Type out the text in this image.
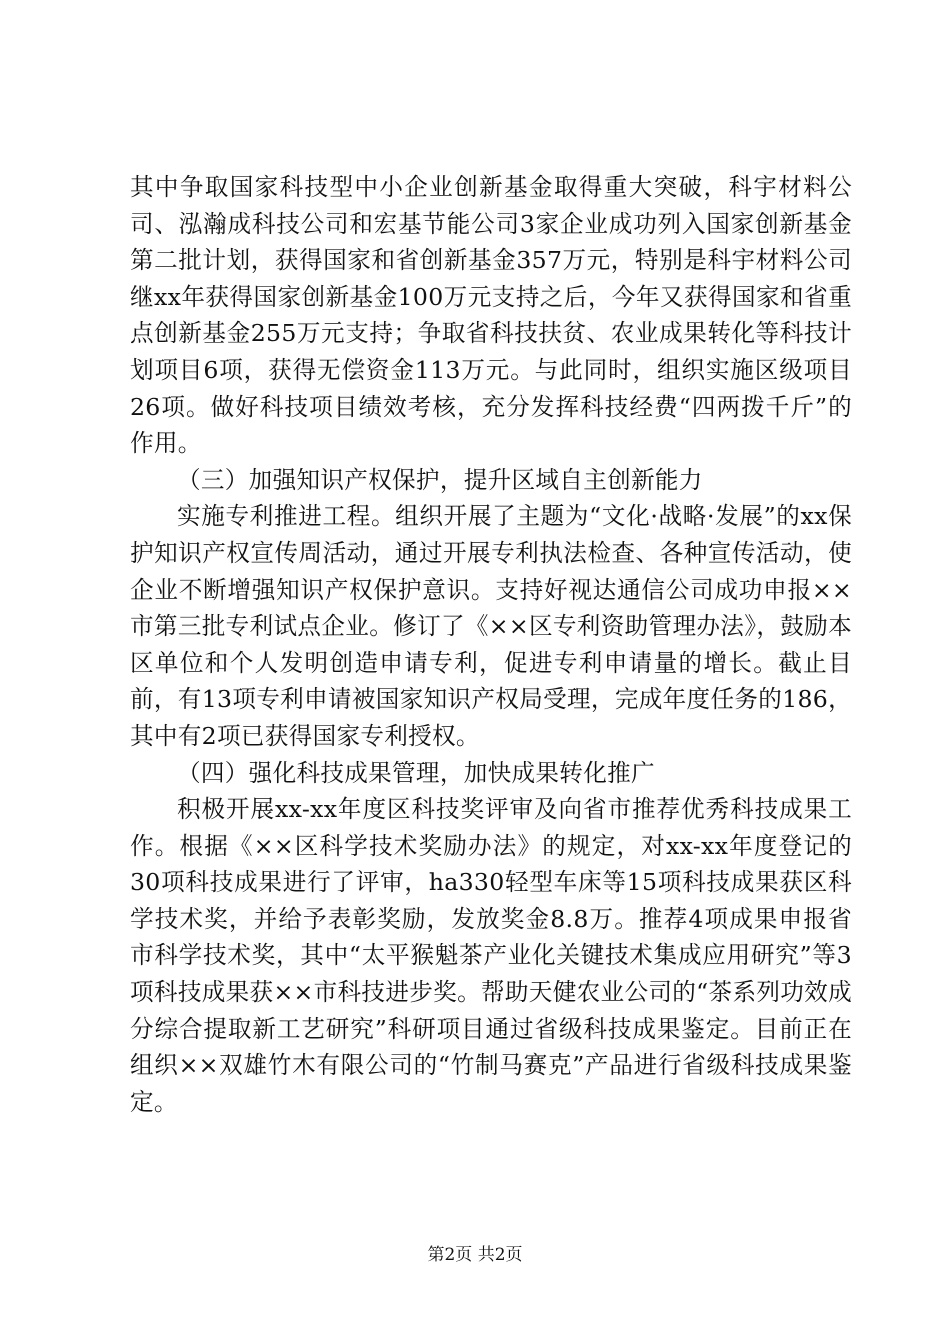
其中争取国家科技型中小企业创新基金取得重大突破，科宇材料公司、泓瀚成科技公司和宏基节能公司3家企业成功列入国家创新基金第二批计划，获得国家和省创新基金357万元，特别是科宇材料公司继xx年获得国家创新基金100万元支持之后，今年又获得国家和省重点创新基金255万元支持；争取省科技扶贫、农业成果转化等科技计划项目6项，获得无偿资金113万元。与此同时，组织实施区级项目26项。做好科技项目绩效考核，充分发挥科技经费“四两拨千斤”的作用。

（三）加强知识产权保护，提升区域自主创新能力

实施专利推进工程。组织开展了主题为“文化·战略·发展”的xx保护知识产权宣传周活动，通过开展专利执法检查、各种宣传活动，使企业不断增强知识产权保护意识。支持好视达通信公司成功申报××市第三批专利试点企业。修订了《××区专利资助管理办法》，鼓励本区单位和个人发明创造申请专利，促进专利申请量的增长。截止目前，有13项专利申请被国家知识产权局受理，完成年度任务的186，其中有2项已获得国家专利授权。

（四）强化科技成果管理，加快成果转化推广

积极开展xx-xx年度区科技奖评审及向省市推荐优秀科技成果工作。根据《××区科学技术奖励办法》的规定，对xx-xx年度登记的30项科技成果进行了评审，ha330轻型车床等15项科技成果获区科学技术奖，并给予表彰奖励，发放奖金8.8万。推荐4项成果申报省市科学技术奖，其中“太平猴魁茶产业化关键技术集成应用研究”等3项科技成果获××市科技进步奖。帮助天健农业公司的“茶系列功效成分综合提取新工艺研究”科研项目通过省级科技成果鉴定。目前正在组织××双雄竹木有限公司的“竹制马赛克”产品进行省级科技成果鉴定。

第2页 共2页
